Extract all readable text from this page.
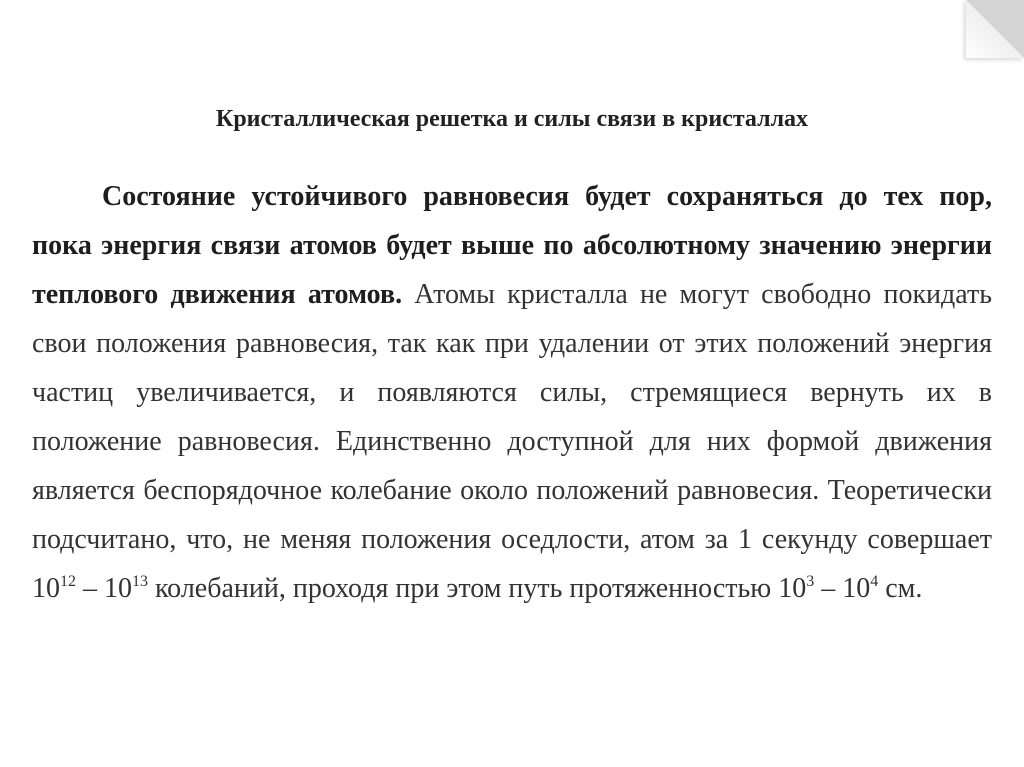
Кристаллическая решетка и силы связи в кристаллах

Состояние устойчивого равновесия будет сохраняться до тех пор, пока энергия связи атомов будет выше по абсолютному значению энергии теплового движения атомов. Атомы кристалла не могут свободно покидать свои положения равновесия, так как при удалении от этих положений энергия частиц увеличивается, и появляются силы, стремящиеся вернуть их в положение равновесия. Единственно доступной для них формой движения является беспорядочное колебание около положений равновесия. Теоретически подсчитано, что, не меняя положения оседлости, атом за 1 секунду совершает $10^{12} - 10^{13}$ колебаний, проходя при этом путь протяженностью $10^3 - 10^4$ см.
